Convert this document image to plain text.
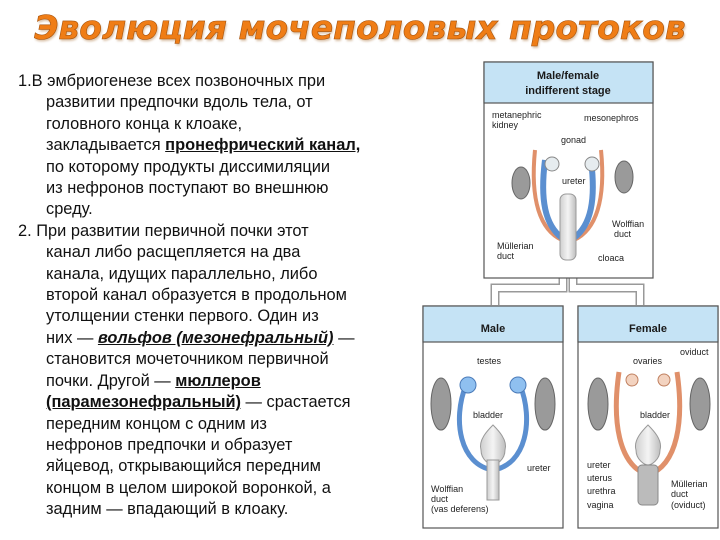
Эволюция мочеполовых протоков
1.В эмбриогенезе всех позвоночных при
развитии предпочки вдоль тела, от
головного конца к клоаке,
закладывается пронефрический канал,
по которому продукты диссимиляции
из нефронов поступают во внешнюю
среду.
2. При развитии первичной почки этот
канал либо расщепляется на два
канала, идущих параллельно, либо
второй канал образуется в продольном
утолщении стенки первого. Один из
них — вольфов (мезонефральный) —
становится мочеточником первичной
почки. Другой — мюллеров
(парамезонефральный) — срастается
передним концом с одним из
нефронов предпочки и образует
яйцевод, открывающийся передним
концом в целом широкой воронкой, а
задним — впадающий в клоаку.
Male/female
indifferent stage
metanephric
kidney
mesonephros
gonad
ureter
Wolffian
duct
Müllerian
duct	cloaca
Male
testes
bladder
ureter
Wolffian
duct
(vas deferens)
Female
ovaries
oviduct
bladder
ureter
uterus
urethra
vagina
Müllerian
duct
(oviduct)
